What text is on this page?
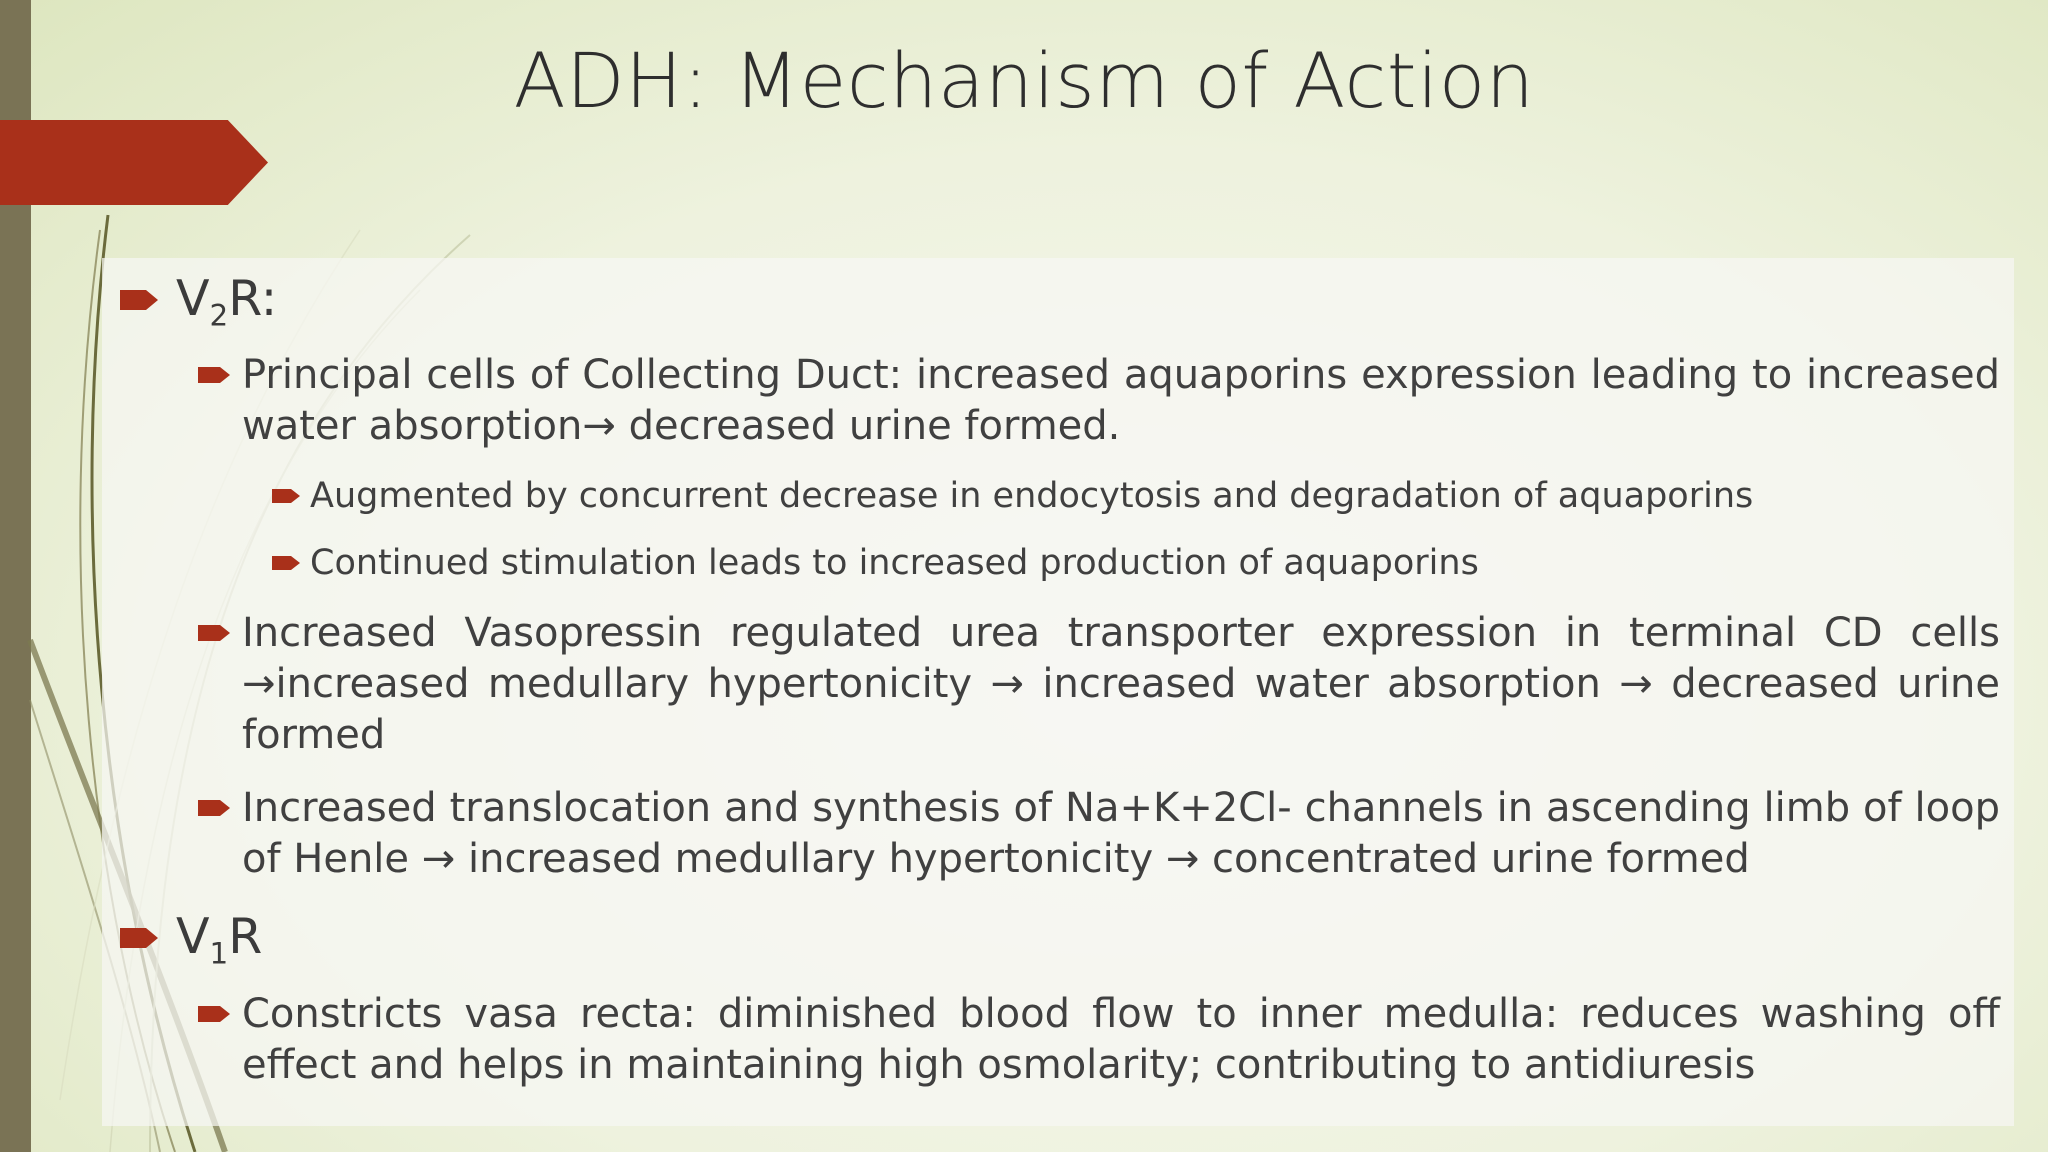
ADH: Mechanism of Action
$V_2R$:
Principal cells of Collecting Duct: increased aquaporins expression leading to increased water absorption→ decreased urine formed.
Augmented by concurrent decrease in endocytosis and degradation of aquaporins
Continued stimulation leads to increased production of aquaporins
Increased Vasopressin regulated urea transporter expression in terminal CD cells →increased medullary hypertonicity → increased water absorption → decreased urine formed
Increased translocation and synthesis of Na+K+2Cl- channels in ascending limb of loop of Henle → increased medullary hypertonicity → concentrated urine formed
$V_1R$
Constricts vasa recta: diminished blood flow to inner medulla: reduces washing off effect and helps in maintaining high osmolarity; contributing to antidiuresis
